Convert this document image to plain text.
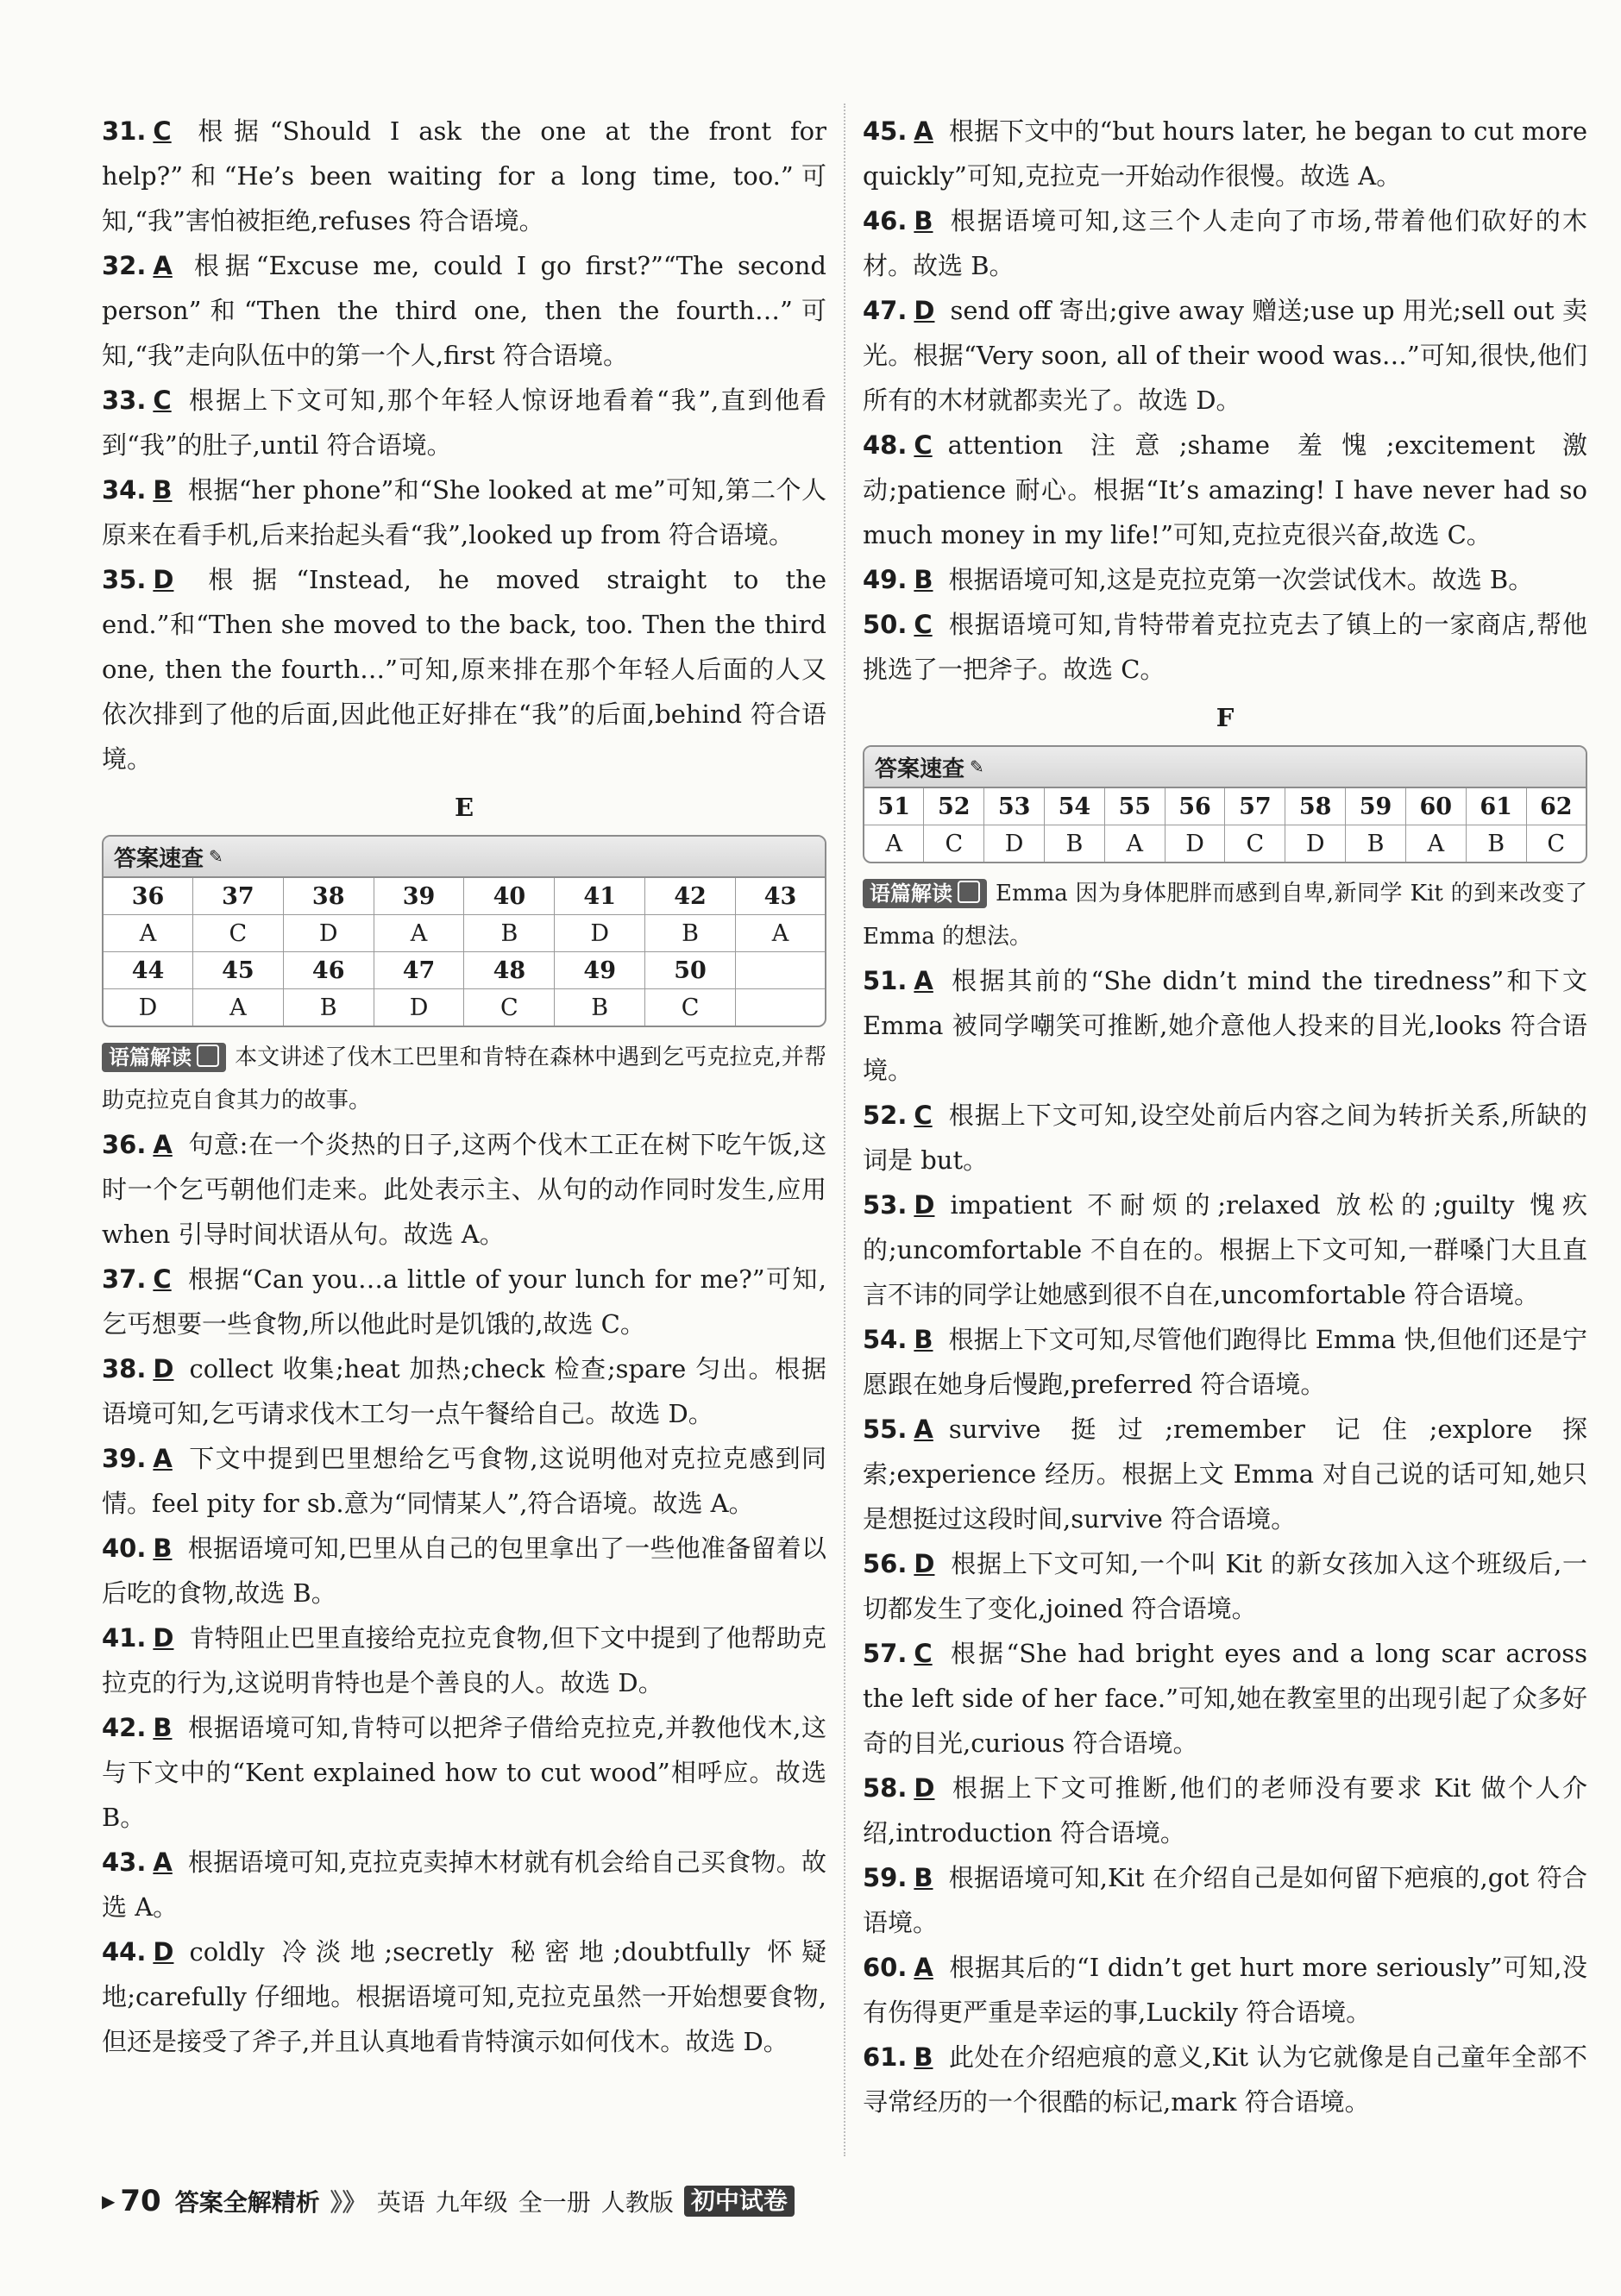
31. C 根据“Should I ask the one at the front for help?”和“He’s been waiting for a long time, too.”可知,“我”害怕被拒绝,refuses 符合语境。

32. A 根据“Excuse me, could I go first?”“The second person”和“Then the third one, then the fourth…”可知,“我”走向队伍中的第一个人,first 符合语境。

33. C 根据上下文可知,那个年轻人惊讶地看着“我”,直到他看到“我”的肚子,until 符合语境。

34. B 根据“her phone”和“She looked at me”可知,第二个人原来在看手机,后来抬起头看“我”,looked up from 符合语境。

35. D 根据“Instead, he moved straight to the end.”和“Then she moved to the back, too. Then the third one, then the fourth…”可知,原来排在那个年轻人后面的人又依次排到了他的后面,因此他正好排在“我”的后面,behind 符合语境。

E
答案速查 ✎
36	37	38	39	40	41	42	43
A	C	D	A	B	D	B	A
44	45	46	47	48	49	50	
D	A	B	D	C	B	C	

语篇解读 本文讲述了伐木工巴里和肯特在森林中遇到乞丐克拉克,并帮助克拉克自食其力的故事。

36. A 句意:在一个炎热的日子,这两个伐木工正在树下吃午饭,这时一个乞丐朝他们走来。此处表示主、从句的动作同时发生,应用 when 引导时间状语从句。故选 A。

37. C 根据“Can you…a little of your lunch for me?”可知,乞丐想要一些食物,所以他此时是饥饿的,故选 C。

38. D collect 收集;heat 加热;check 检查;spare 匀出。根据语境可知,乞丐请求伐木工匀一点午餐给自己。故选 D。

39. A 下文中提到巴里想给乞丐食物,这说明他对克拉克感到同情。feel pity for sb.意为“同情某人”,符合语境。故选 A。

40. B 根据语境可知,巴里从自己的包里拿出了一些他准备留着以后吃的食物,故选 B。

41. D 肯特阻止巴里直接给克拉克食物,但下文中提到了他帮助克拉克的行为,这说明肯特也是个善良的人。故选 D。

42. B 根据语境可知,肯特可以把斧子借给克拉克,并教他伐木,这与下文中的“Kent explained how to cut wood”相呼应。故选 B。

43. A 根据语境可知,克拉克卖掉木材就有机会给自己买食物。故选 A。

44. D coldly 冷淡地;secretly 秘密地;doubtfully 怀疑地;carefully 仔细地。根据语境可知,克拉克虽然一开始想要食物,但还是接受了斧子,并且认真地看肯特演示如何伐木。故选 D。

45. A 根据下文中的“but hours later, he began to cut more quickly”可知,克拉克一开始动作很慢。故选 A。

46. B 根据语境可知,这三个人走向了市场,带着他们砍好的木材。故选 B。

47. D send off 寄出;give away 赠送;use up 用光;sell out 卖光。根据“Very soon, all of their wood was…”可知,很快,他们所有的木材就都卖光了。故选 D。

48. C attention 注意;shame 羞愧;excitement 激动;patience 耐心。根据“It’s amazing! I have never had so much money in my life!”可知,克拉克很兴奋,故选 C。

49. B 根据语境可知,这是克拉克第一次尝试伐木。故选 B。

50. C 根据语境可知,肯特带着克拉克去了镇上的一家商店,帮他挑选了一把斧子。故选 C。

F
答案速查 ✎
51	52	53	54	55	56	57	58	59	60	61	62
A	C	D	B	A	D	C	D	B	A	B	C

语篇解读 Emma 因为身体肥胖而感到自卑,新同学 Kit 的到来改变了 Emma 的想法。

51. A 根据其前的“She didn’t mind the tiredness”和下文 Emma 被同学嘲笑可推断,她介意他人投来的目光,looks 符合语境。

52. C 根据上下文可知,设空处前后内容之间为转折关系,所缺的词是 but。

53. D impatient 不耐烦的;relaxed 放松的;guilty 愧疚的;uncomfortable 不自在的。根据上下文可知,一群嗓门大且直言不讳的同学让她感到很不自在,uncomfortable 符合语境。

54. B 根据上下文可知,尽管他们跑得比 Emma 快,但他们还是宁愿跟在她身后慢跑,preferred 符合语境。

55. A survive 挺过;remember 记住;explore 探索;experience 经历。根据上文 Emma 对自己说的话可知,她只是想挺过这段时间,survive 符合语境。

56. D 根据上下文可知,一个叫 Kit 的新女孩加入这个班级后,一切都发生了变化,joined 符合语境。

57. C 根据“She had bright eyes and a long scar across the left side of her face.”可知,她在教室里的出现引起了众多好奇的目光,curious 符合语境。

58. D 根据上下文可推断,他们的老师没有要求 Kit 做个人介绍,introduction 符合语境。

59. B 根据语境可知,Kit 在介绍自己是如何留下疤痕的,got 符合语境。

60. A 根据其后的“I didn’t get hurt more seriously”可知,没有伤得更严重是幸运的事,Luckily 符合语境。

61. B 此处在介绍疤痕的意义,Kit 认为它就像是自己童年全部不寻常经历的一个很酷的标记,mark 符合语境。

▶ 70 答案全解精析 》》 英语 九年级 全一册 人教版 初中试卷
